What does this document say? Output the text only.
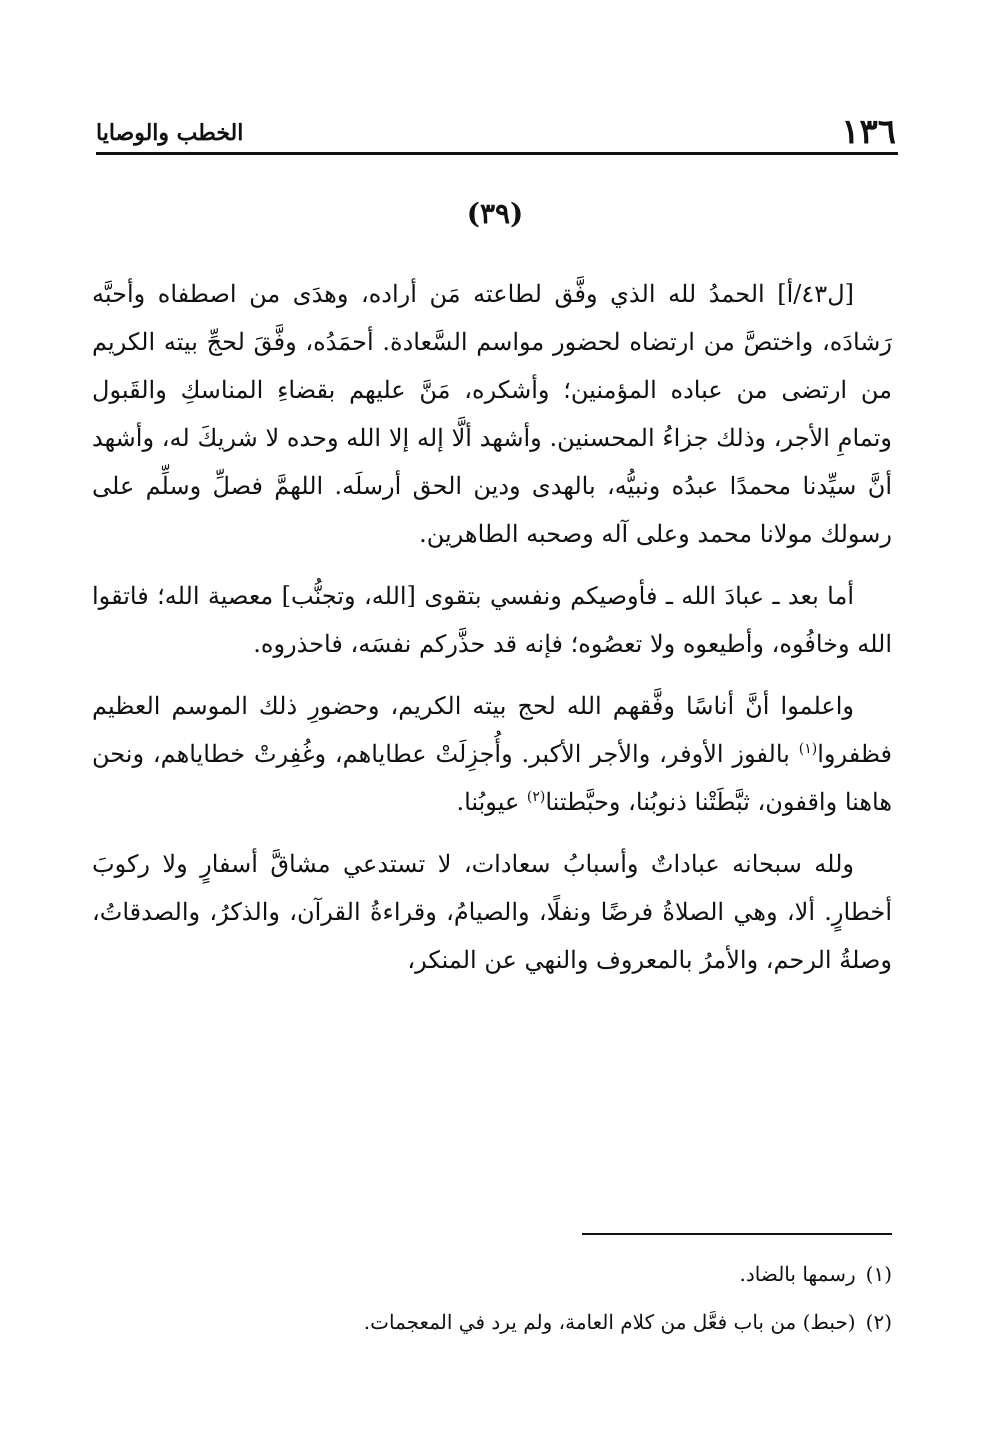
١٣٦
الخطب والوصايا
(٣٩)

[ل٤٣/أ] الحمدُ لله الذي وفَّق لطاعته مَن أراده، وهدَى من اصطفاه وأحبَّه رَشادَه، واختصَّ من ارتضاه لحضور مواسم السَّعادة. أحمَدُه، وفَّقَ لحجِّ بيته الكريم من ارتضى من عباده المؤمنين؛ وأشكره، مَنَّ عليهم بقضاءِ المناسكِ والقَبول وتمامِ الأجر، وذلك جزاءُ المحسنين. وأشهد ألَّا إله إلا الله وحده لا شريكَ له، وأشهد أنَّ سيِّدنا محمدًا عبدُه ونبيُّه، بالهدى ودين الحق أرسلَه. اللهمَّ فصلِّ وسلِّم على رسولك مولانا محمد وعلى آله وصحبه الطاهرين.

أما بعد ـ عبادَ الله ـ فأوصيكم ونفسي بتقوى [الله، وتجنُّب] معصية الله؛ فاتقوا الله وخافُوه، وأطيعوه ولا تعصُوه؛ فإنه قد حذَّركم نفسَه، فاحذروه.

واعلموا أنَّ أناسًا وفَّقهم الله لحج بيته الكريم، وحضورِ ذلك الموسم العظيم فظفروا$^{(١)}$ بالفوز الأوفر، والأجر الأكبر. وأُجزِلَتْ عطاياهم، وغُفِرتْ خطاياهم، ونحن هاهنا واقفون، ثبَّطَتْنا ذنوبُنا، وحبَّطتنا$^{(٢)}$ عيوبُنا.

ولله سبحانه عباداتٌ وأسبابُ سعادات، لا تستدعي مشاقَّ أسفارٍ ولا ركوبَ أخطارٍ. ألا، وهي الصلاةُ فرضًا ونفلًا، والصيامُ، وقراءةُ القرآن، والذكرُ، والصدقاتُ، وصلةُ الرحم، والأمرُ بالمعروف والنهي عن المنكر،

(١)رسمها بالضاد.

(٢)(حبط) من باب فعَّل من كلام العامة، ولم يرد في المعجمات.
